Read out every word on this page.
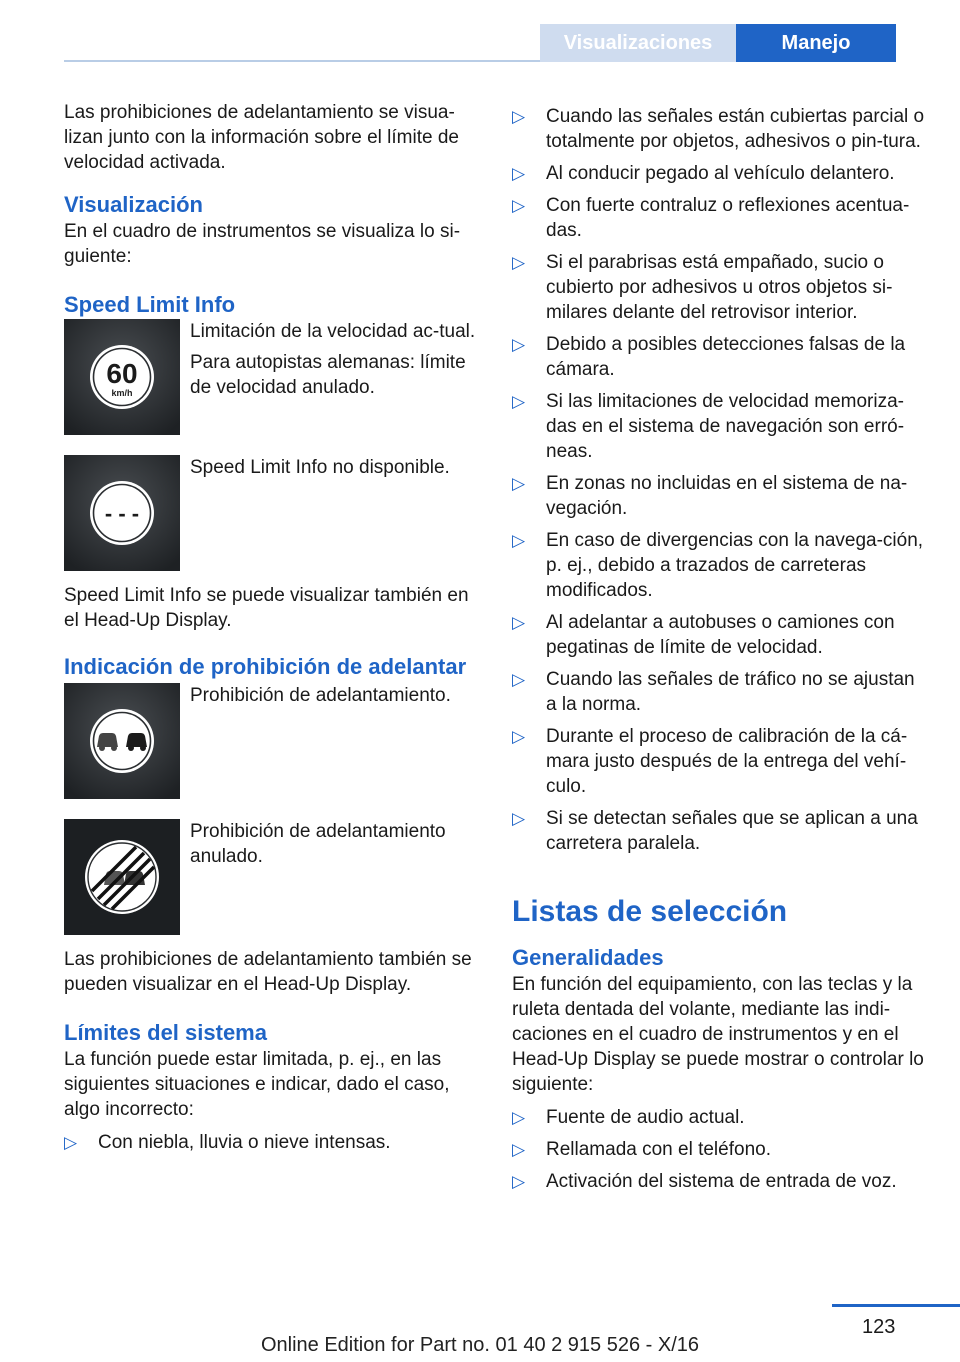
Visualizaciones	Manejo

Las prohibiciones de adelantamiento se visua-lizan junto con la información sobre el límite de velocidad activada.

Visualización

En el cuadro de instrumentos se visualiza lo si-guiente:

Speed Limit Info
60
km/h

Limitación de la velocidad ac-tual.

Para autopistas alemanas: límite de velocidad anulado.

- - -

Speed Limit Info no disponible.

Speed Limit Info se puede visualizar también en el Head-Up Display.

Indicación de prohibición de adelantar

Prohibición de adelantamiento.

Prohibición de adelantamiento anulado.

Las prohibiciones de adelantamiento también se pueden visualizar en el Head-Up Display.

Límites del sistema

La función puede estar limitada, p. ej., en las siguientes situaciones e indicar, dado el caso, algo incorrecto:

▷ Con niebla, lluvia o nieve intensas.
▷ Cuando las señales están cubiertas parcial o totalmente por objetos, adhesivos o pin-tura.
▷ Al conducir pegado al vehículo delantero.
▷ Con fuerte contraluz o reflexiones acentua-das.
▷ Si el parabrisas está empañado, sucio o cubierto por adhesivos u otros objetos si-milares delante del retrovisor interior.
▷ Debido a posibles detecciones falsas de la cámara.
▷ Si las limitaciones de velocidad memoriza-das en el sistema de navegación son erró-neas.
▷ En zonas no incluidas en el sistema de na-vegación.
▷ En caso de divergencias con la navega-ción, p. ej., debido a trazados de carreteras modificados.
▷ Al adelantar a autobuses o camiones con pegatinas de límite de velocidad.
▷ Cuando las señales de tráfico no se ajustan a la norma.
▷ Durante el proceso de calibración de la cá-mara justo después de la entrega del vehí-culo.
▷ Si se detectan señales que se aplican a una carretera paralela.
Listas de selección
Generalidades

En función del equipamiento, con las teclas y la ruleta dentada del volante, mediante las indi-caciones en el cuadro de instrumentos y en el Head-Up Display se puede mostrar o controlar lo siguiente:

▷ Fuente de audio actual.
▷ Rellamada con el teléfono.
▷ Activación del sistema de entrada de voz.
123
Online Edition for Part no. 01 40 2 915 526 - X/16
